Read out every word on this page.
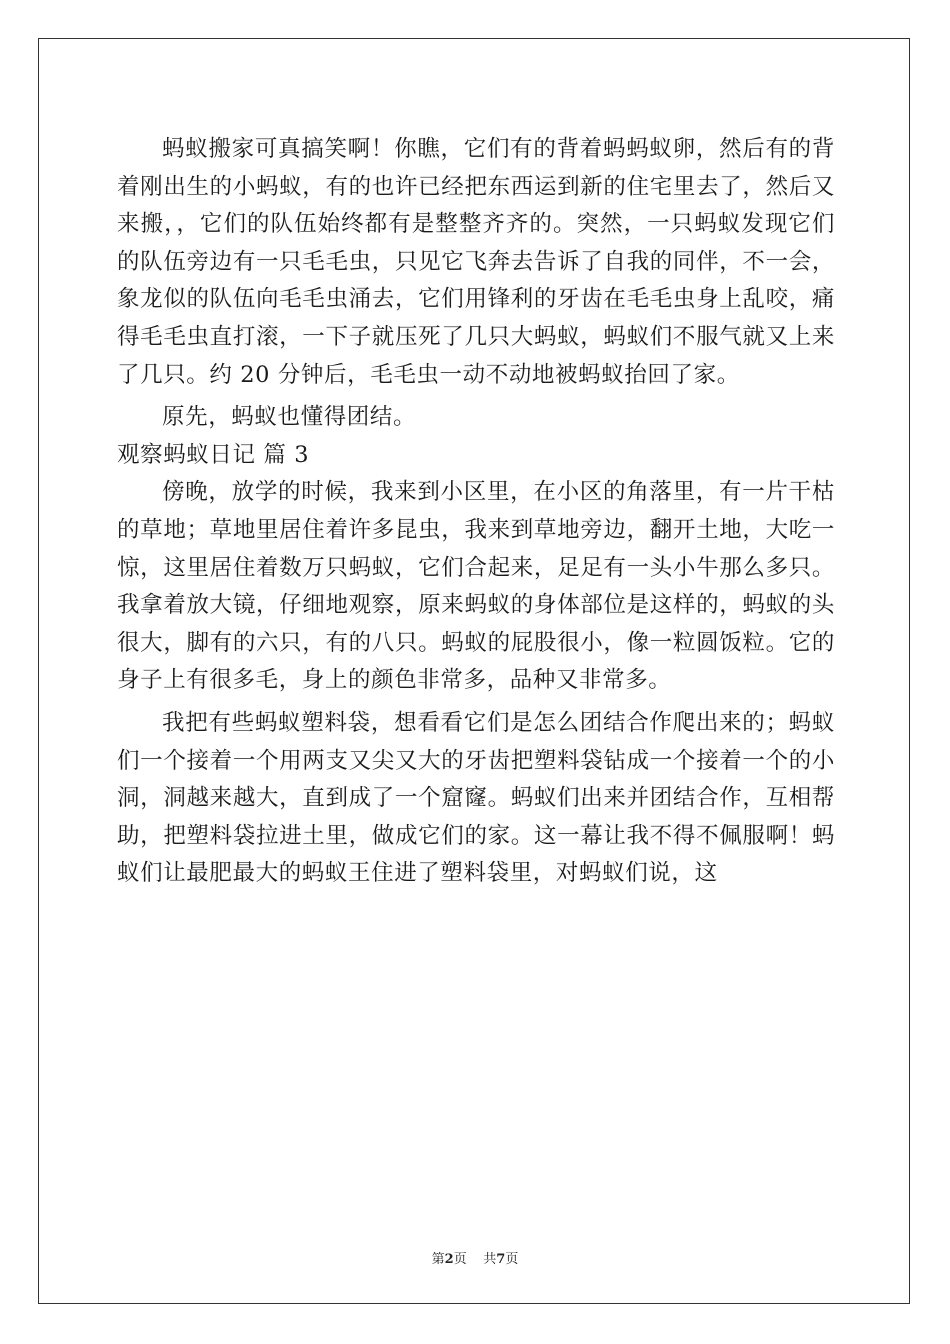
蚂蚁搬家可真搞笑啊！你瞧，它们有的背着蚂蚂蚁卵，然后有的背着刚出生的小蚂蚁，有的也许已经把东西运到新的住宅里去了，然后又来搬，，它们的队伍始终都有是整整齐齐的。突然，一只蚂蚁发现它们的队伍旁边有一只毛毛虫，只见它飞奔去告诉了自我的同伴，不一会，象龙似的队伍向毛毛虫涌去，它们用锋利的牙齿在毛毛虫身上乱咬，痛得毛毛虫直打滚，一下子就压死了几只大蚂蚁，蚂蚁们不服气就又上来了几只。约 20 分钟后，毛毛虫一动不动地被蚂蚁抬回了家。

原先，蚂蚁也懂得团结。

观察蚂蚁日记 篇 3

傍晚，放学的时候，我来到小区里，在小区的角落里，有一片干枯的草地；草地里居住着许多昆虫，我来到草地旁边，翻开土地，大吃一惊，这里居住着数万只蚂蚁，它们合起来，足足有一头小牛那么多只。我拿着放大镜，仔细地观察，原来蚂蚁的身体部位是这样的，蚂蚁的头很大，脚有的六只，有的八只。蚂蚁的屁股很小，像一粒圆饭粒。它的身子上有很多毛，身上的颜色非常多，品种又非常多。

我把有些蚂蚁塑料袋，想看看它们是怎么团结合作爬出来的；蚂蚁们一个接着一个用两支又尖又大的牙齿把塑料袋钻成一个接着一个的小洞，洞越来越大，直到成了一个窟窿。蚂蚁们出来并团结合作，互相帮助，把塑料袋拉进土里，做成它们的家。这一幕让我不得不佩服啊！蚂蚁们让最肥最大的蚂蚁王住进了塑料袋里，对蚂蚁们说，这

第2页 共7页
